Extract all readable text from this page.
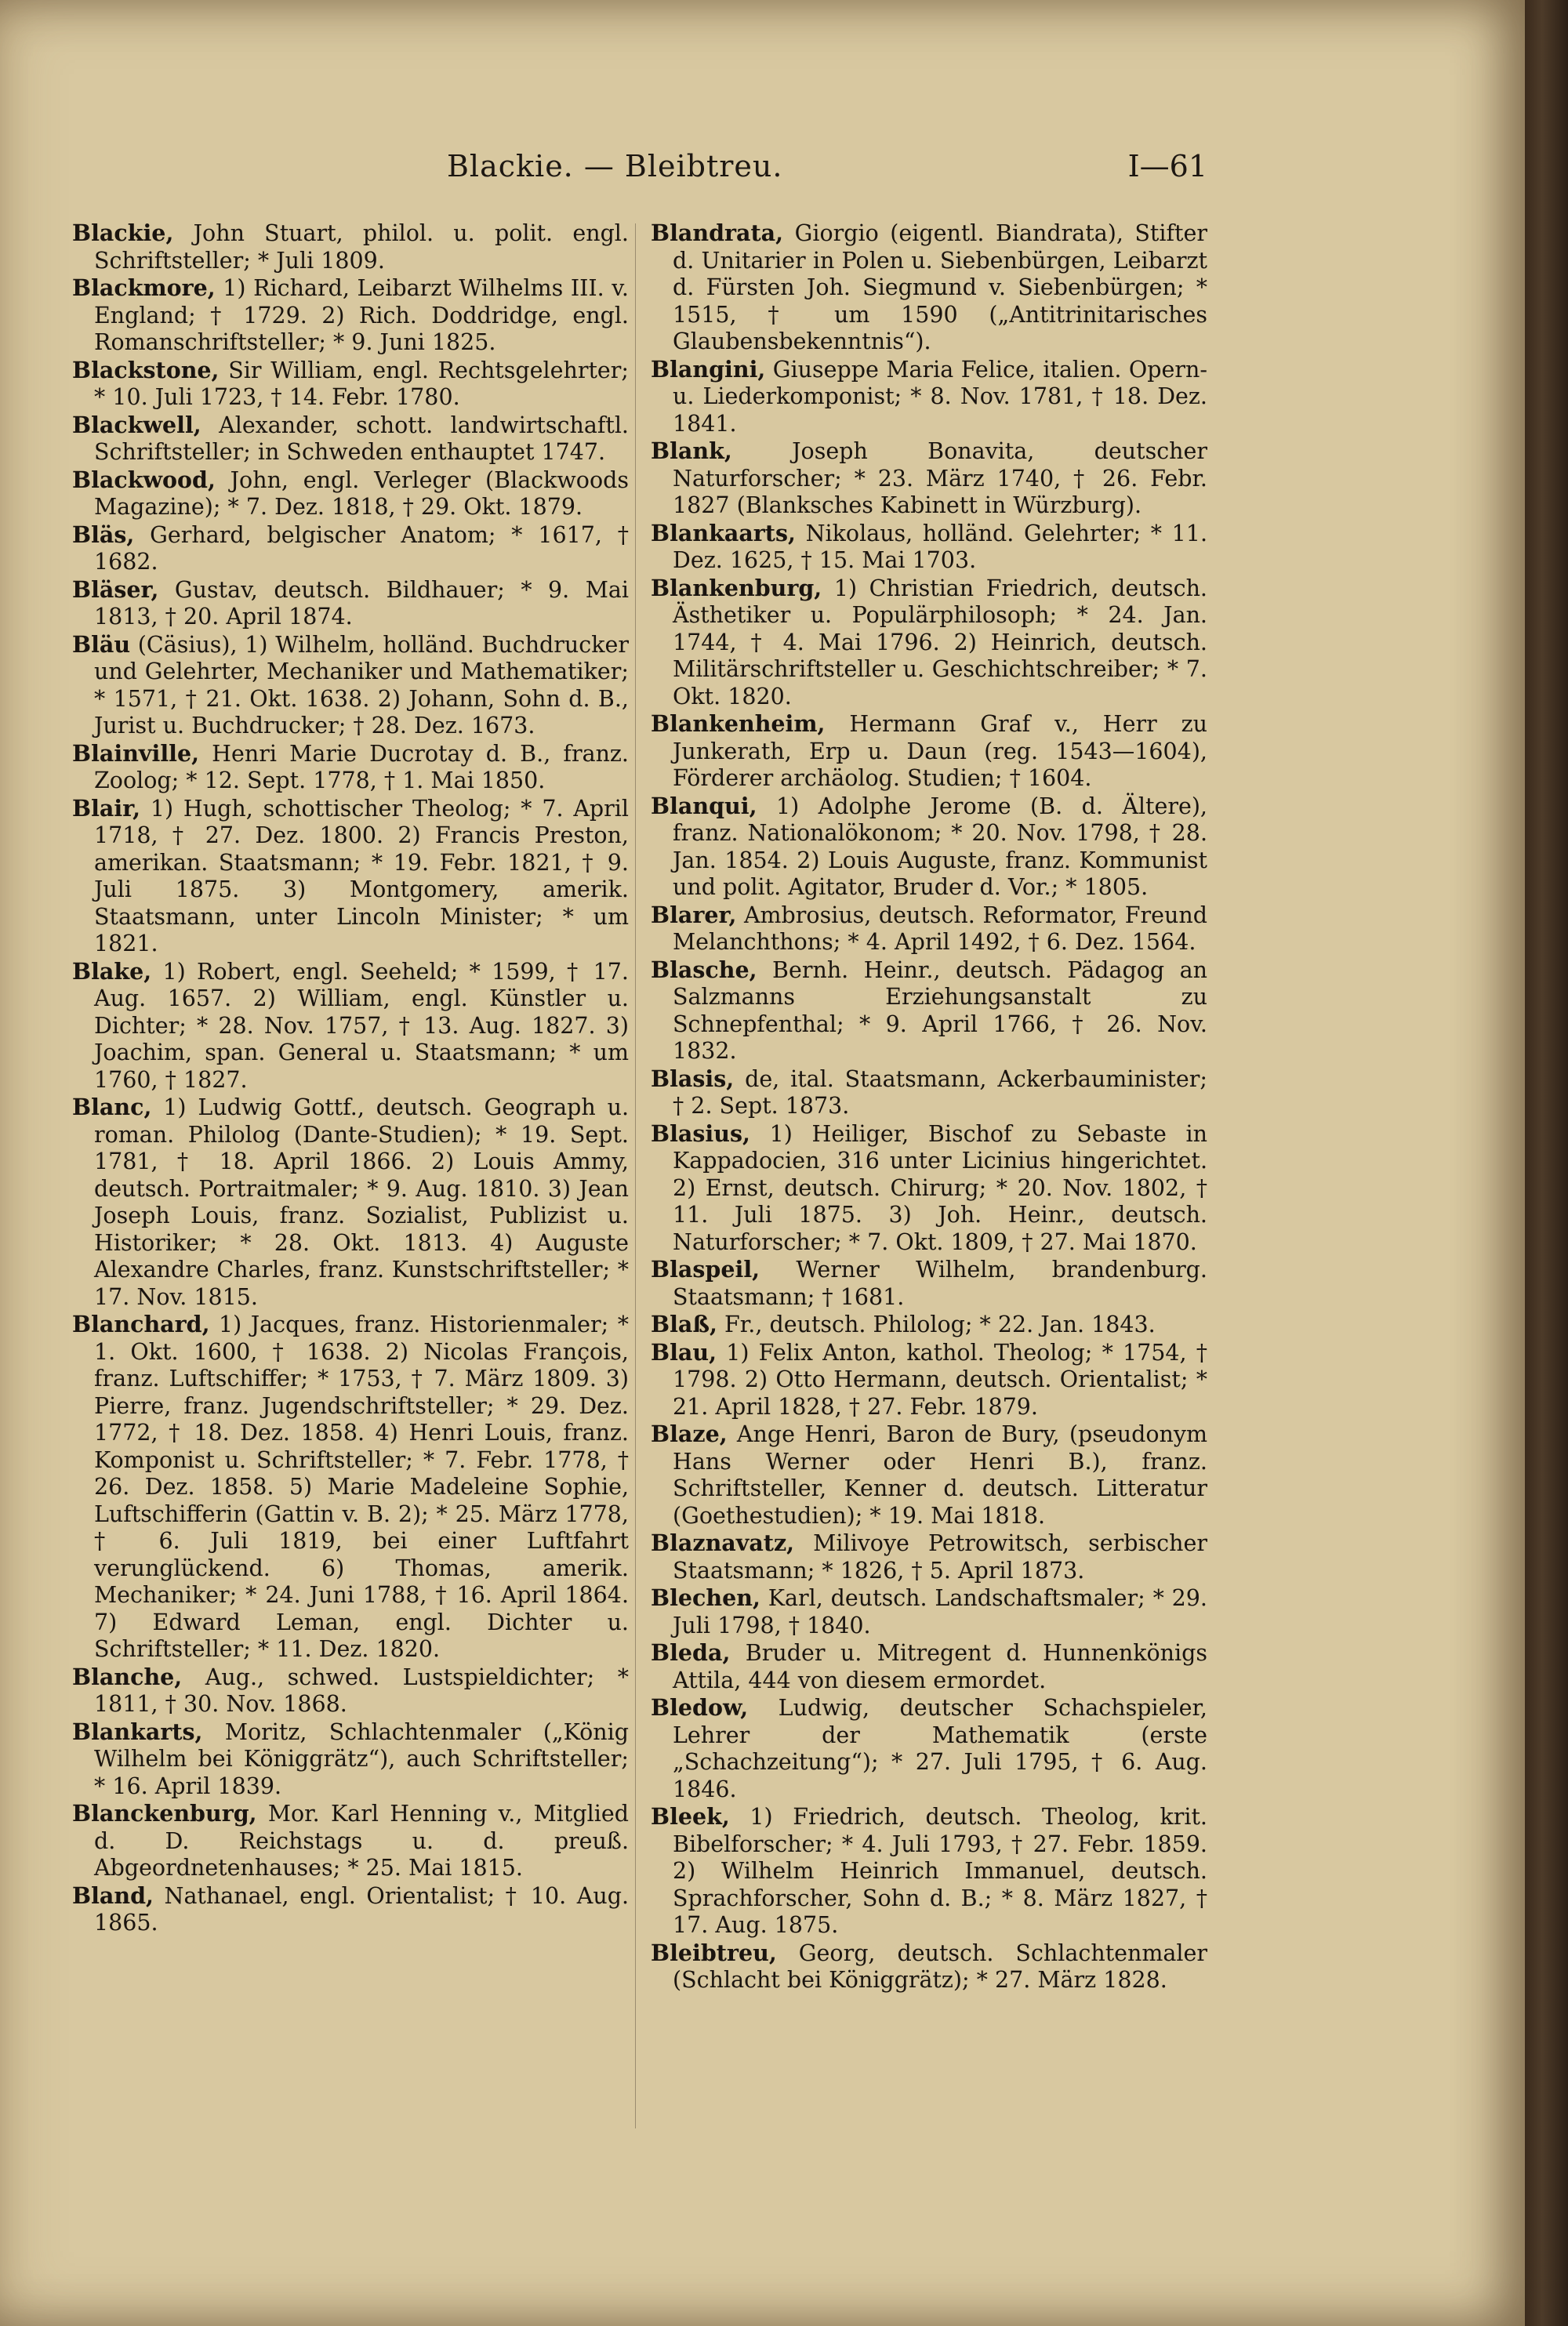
Blackie. — Bleibtreu.	I—61

Blackie, John Stuart, philol. u. polit. engl. Schriftsteller; * Juli 1809.

Blackmore, 1) Richard, Leibarzt Wilhelms III. v. England; † 1729. 2) Rich. Doddridge, engl. Romanschriftsteller; * 9. Juni 1825.

Blackstone, Sir William, engl. Rechtsgelehrter; * 10. Juli 1723, † 14. Febr. 1780.

Blackwell, Alexander, schott. landwirtschaftl. Schriftsteller; in Schweden enthauptet 1747.

Blackwood, John, engl. Verleger (Blackwoods Magazine); * 7. Dez. 1818, † 29. Okt. 1879.

Bläs, Gerhard, belgischer Anatom; * 1617, † 1682.

Bläser, Gustav, deutsch. Bildhauer; * 9. Mai 1813, † 20. April 1874.

Bläu (Cäsius), 1) Wilhelm, holländ. Buchdrucker und Gelehrter, Mechaniker und Mathematiker; * 1571, † 21. Okt. 1638. 2) Johann, Sohn d. B., Jurist u. Buchdrucker; † 28. Dez. 1673.

Blainville, Henri Marie Ducrotay d. B., franz. Zoolog; * 12. Sept. 1778, † 1. Mai 1850.

Blair, 1) Hugh, schottischer Theolog; * 7. April 1718, † 27. Dez. 1800. 2) Francis Preston, amerikan. Staatsmann; * 19. Febr. 1821, † 9. Juli 1875. 3) Montgomery, amerik. Staatsmann, unter Lincoln Minister; * um 1821.

Blake, 1) Robert, engl. Seeheld; * 1599, † 17. Aug. 1657. 2) William, engl. Künstler u. Dichter; * 28. Nov. 1757, † 13. Aug. 1827. 3) Joachim, span. General u. Staatsmann; * um 1760, † 1827.

Blanc, 1) Ludwig Gottf., deutsch. Geograph u. roman. Philolog (Dante-Studien); * 19. Sept. 1781, † 18. April 1866. 2) Louis Ammy, deutsch. Portraitmaler; * 9. Aug. 1810. 3) Jean Joseph Louis, franz. Sozialist, Publizist u. Historiker; * 28. Okt. 1813. 4) Auguste Alexandre Charles, franz. Kunstschriftsteller; * 17. Nov. 1815.

Blanchard, 1) Jacques, franz. Historienmaler; * 1. Okt. 1600, † 1638. 2) Nicolas François, franz. Luftschiffer; * 1753, † 7. März 1809. 3) Pierre, franz. Jugendschriftsteller; * 29. Dez. 1772, † 18. Dez. 1858. 4) Henri Louis, franz. Komponist u. Schriftsteller; * 7. Febr. 1778, † 26. Dez. 1858. 5) Marie Madeleine Sophie, Luftschifferin (Gattin v. B. 2); * 25. März 1778, † 6. Juli 1819, bei einer Luftfahrt verunglückend. 6) Thomas, amerik. Mechaniker; * 24. Juni 1788, † 16. April 1864. 7) Edward Leman, engl. Dichter u. Schriftsteller; * 11. Dez. 1820.

Blanche, Aug., schwed. Lustspieldichter; * 1811, † 30. Nov. 1868.

Blankarts, Moritz, Schlachtenmaler („König Wilhelm bei Königgrätz“), auch Schriftsteller; * 16. April 1839.

Blanckenburg, Mor. Karl Henning v., Mitglied d. D. Reichstags u. d. preuß. Abgeordnetenhauses; * 25. Mai 1815.

Bland, Nathanael, engl. Orientalist; † 10. Aug. 1865.

Blandrata, Giorgio (eigentl. Biandrata), Stifter d. Unitarier in Polen u. Siebenbürgen, Leibarzt d. Fürsten Joh. Siegmund v. Siebenbürgen; * 1515, † um 1590 („Antitrinitarisches Glaubensbekenntnis“).

Blangini, Giuseppe Maria Felice, italien. Opern- u. Liederkomponist; * 8. Nov. 1781, † 18. Dez. 1841.

Blank, Joseph Bonavita, deutscher Naturforscher; * 23. März 1740, † 26. Febr. 1827 (Blanksches Kabinett in Würzburg).

Blankaarts, Nikolaus, holländ. Gelehrter; * 11. Dez. 1625, † 15. Mai 1703.

Blankenburg, 1) Christian Friedrich, deutsch. Ästhetiker u. Populärphilosoph; * 24. Jan. 1744, † 4. Mai 1796. 2) Heinrich, deutsch. Militärschriftsteller u. Geschichtschreiber; * 7. Okt. 1820.

Blankenheim, Hermann Graf v., Herr zu Junkerath, Erp u. Daun (reg. 1543—1604), Förderer archäolog. Studien; † 1604.

Blanqui, 1) Adolphe Jerome (B. d. Ältere), franz. Nationalökonom; * 20. Nov. 1798, † 28. Jan. 1854. 2) Louis Auguste, franz. Kommunist und polit. Agitator, Bruder d. Vor.; * 1805.

Blarer, Ambrosius, deutsch. Reformator, Freund Melanchthons; * 4. April 1492, † 6. Dez. 1564.

Blasche, Bernh. Heinr., deutsch. Pädagog an Salzmanns Erziehungsanstalt zu Schnepfenthal; * 9. April 1766, † 26. Nov. 1832.

Blasis, de, ital. Staatsmann, Ackerbauminister; † 2. Sept. 1873.

Blasius, 1) Heiliger, Bischof zu Sebaste in Kappadocien, 316 unter Licinius hingerichtet. 2) Ernst, deutsch. Chirurg; * 20. Nov. 1802, † 11. Juli 1875. 3) Joh. Heinr., deutsch. Naturforscher; * 7. Okt. 1809, † 27. Mai 1870.

Blaspeil, Werner Wilhelm, brandenburg. Staatsmann; † 1681.

Blaß, Fr., deutsch. Philolog; * 22. Jan. 1843.

Blau, 1) Felix Anton, kathol. Theolog; * 1754, † 1798. 2) Otto Hermann, deutsch. Orientalist; * 21. April 1828, † 27. Febr. 1879.

Blaze, Ange Henri, Baron de Bury, (pseudonym Hans Werner oder Henri B.), franz. Schriftsteller, Kenner d. deutsch. Litteratur (Goethestudien); * 19. Mai 1818.

Blaznavatz, Milivoye Petrowitsch, serbischer Staatsmann; * 1826, † 5. April 1873.

Blechen, Karl, deutsch. Landschaftsmaler; * 29. Juli 1798, † 1840.

Bleda, Bruder u. Mitregent d. Hunnenkönigs Attila, 444 von diesem ermordet.

Bledow, Ludwig, deutscher Schachspieler, Lehrer der Mathematik (erste „Schachzeitung“); * 27. Juli 1795, † 6. Aug. 1846.

Bleek, 1) Friedrich, deutsch. Theolog, krit. Bibelforscher; * 4. Juli 1793, † 27. Febr. 1859. 2) Wilhelm Heinrich Immanuel, deutsch. Sprachforscher, Sohn d. B.; * 8. März 1827, † 17. Aug. 1875.

Bleibtreu, Georg, deutsch. Schlachtenmaler (Schlacht bei Königgrätz); * 27. März 1828.
